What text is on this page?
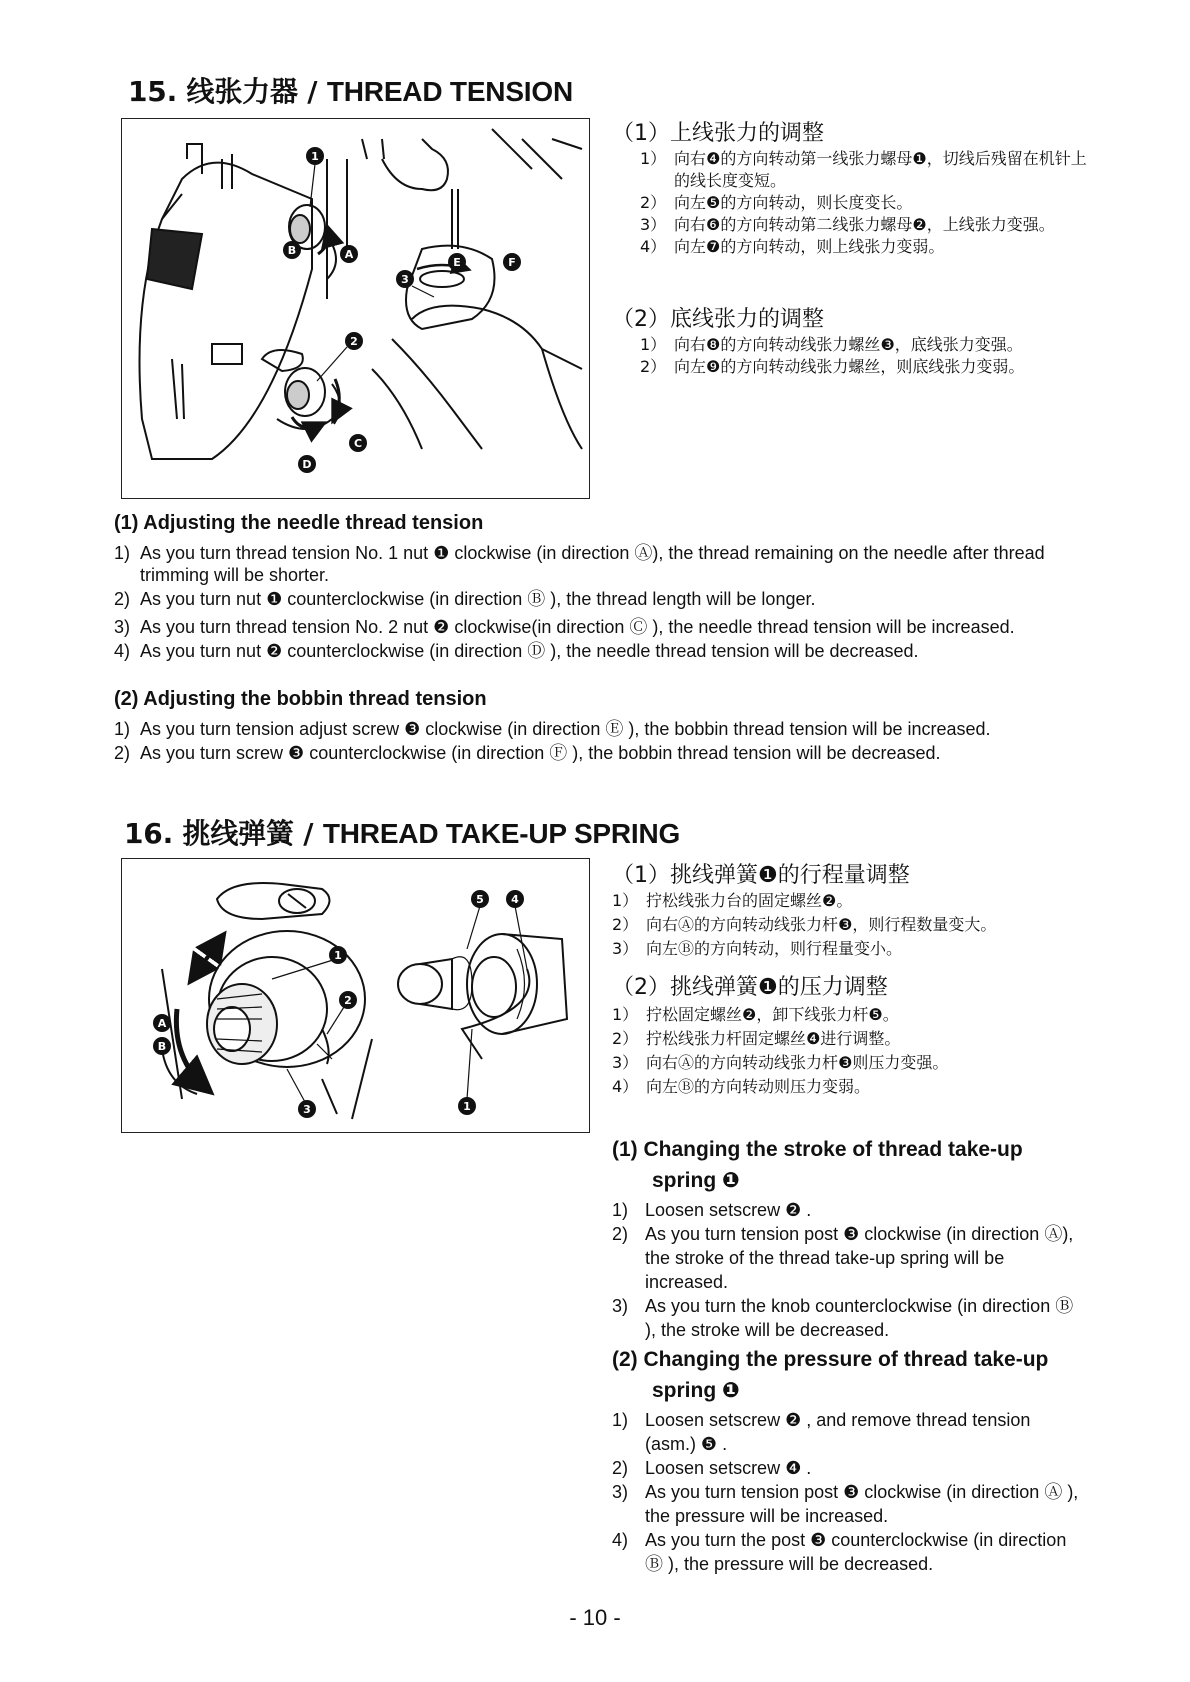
15. 线张力器 / THREAD TENSION
1
2
3
A
B
C
D
E	F
（1）上线张力的调整
1） 向右❹的方向转动第一线张力螺母❶，切线后残留在机针上的线长度变短。
2） 向左❺的方向转动，则长度变长。
3） 向右❻的方向转动第二线张力螺母❷，上线张力变强。
4） 向左❼的方向转动，则上线张力变弱。
（2）底线张力的调整
1） 向右❽的方向转动线张力螺丝❸，底线张力变强。
2） 向左❾的方向转动线张力螺丝，则底线张力变弱。
(1) Adjusting the needle thread tension
1) As you turn thread tension No. 1 nut ❶ clockwise (in direction Ⓐ), the thread remaining on the needle after thread trimming will be shorter.
2) As you turn nut ❶ counterclockwise (in direction Ⓑ ), the thread length will be longer.
3) As you turn thread tension No. 2 nut ❷ clockwise(in direction Ⓒ ), the needle thread tension will be increased.
4) As you turn nut ❷ counterclockwise (in direction Ⓓ ), the needle thread tension will be decreased.
(2) Adjusting the bobbin thread tension
1) As you turn tension adjust screw ❸ clockwise (in direction Ⓔ ), the bobbin thread tension will be increased.
2) As you turn screw ❸ counterclockwise (in direction Ⓕ ), the bobbin thread tension will be decreased.
16. 挑线弹簧 / THREAD TAKE-UP SPRING
5 4
1
2
A
B
3	1
（1）挑线弹簧❶的行程量调整
1） 拧松线张力台的固定螺丝❷。
2） 向右Ⓐ的方向转动线张力杆❸，则行程数量变大。
3） 向左Ⓑ的方向转动，则行程量变小。
（2）挑线弹簧❶的压力调整
1） 拧松固定螺丝❷，卸下线张力杆❺。
2） 拧松线张力杆固定螺丝❹进行调整。
3） 向右Ⓐ的方向转动线张力杆❸则压力变强。
4） 向左Ⓑ的方向转动则压力变弱。
(1) Changing the stroke of thread take-up
spring ❶
1) Loosen setscrew ❷ .
2) As you turn tension post ❸ clockwise (in direction Ⓐ), the stroke of the thread take-up spring will be increased.
3) As you turn the knob counterclockwise (in direction Ⓑ ), the stroke will be decreased.
(2) Changing the pressure of thread take-up
spring ❶
1) Loosen setscrew ❷ , and remove thread tension (asm.) ❺ .
2) Loosen setscrew ❹ .
3) As you turn tension post ❸ clockwise (in direction Ⓐ ), the pressure will be increased.
4) As you turn the post ❸ counterclockwise (in direction Ⓑ ), the pressure will be decreased.
- 10 -
